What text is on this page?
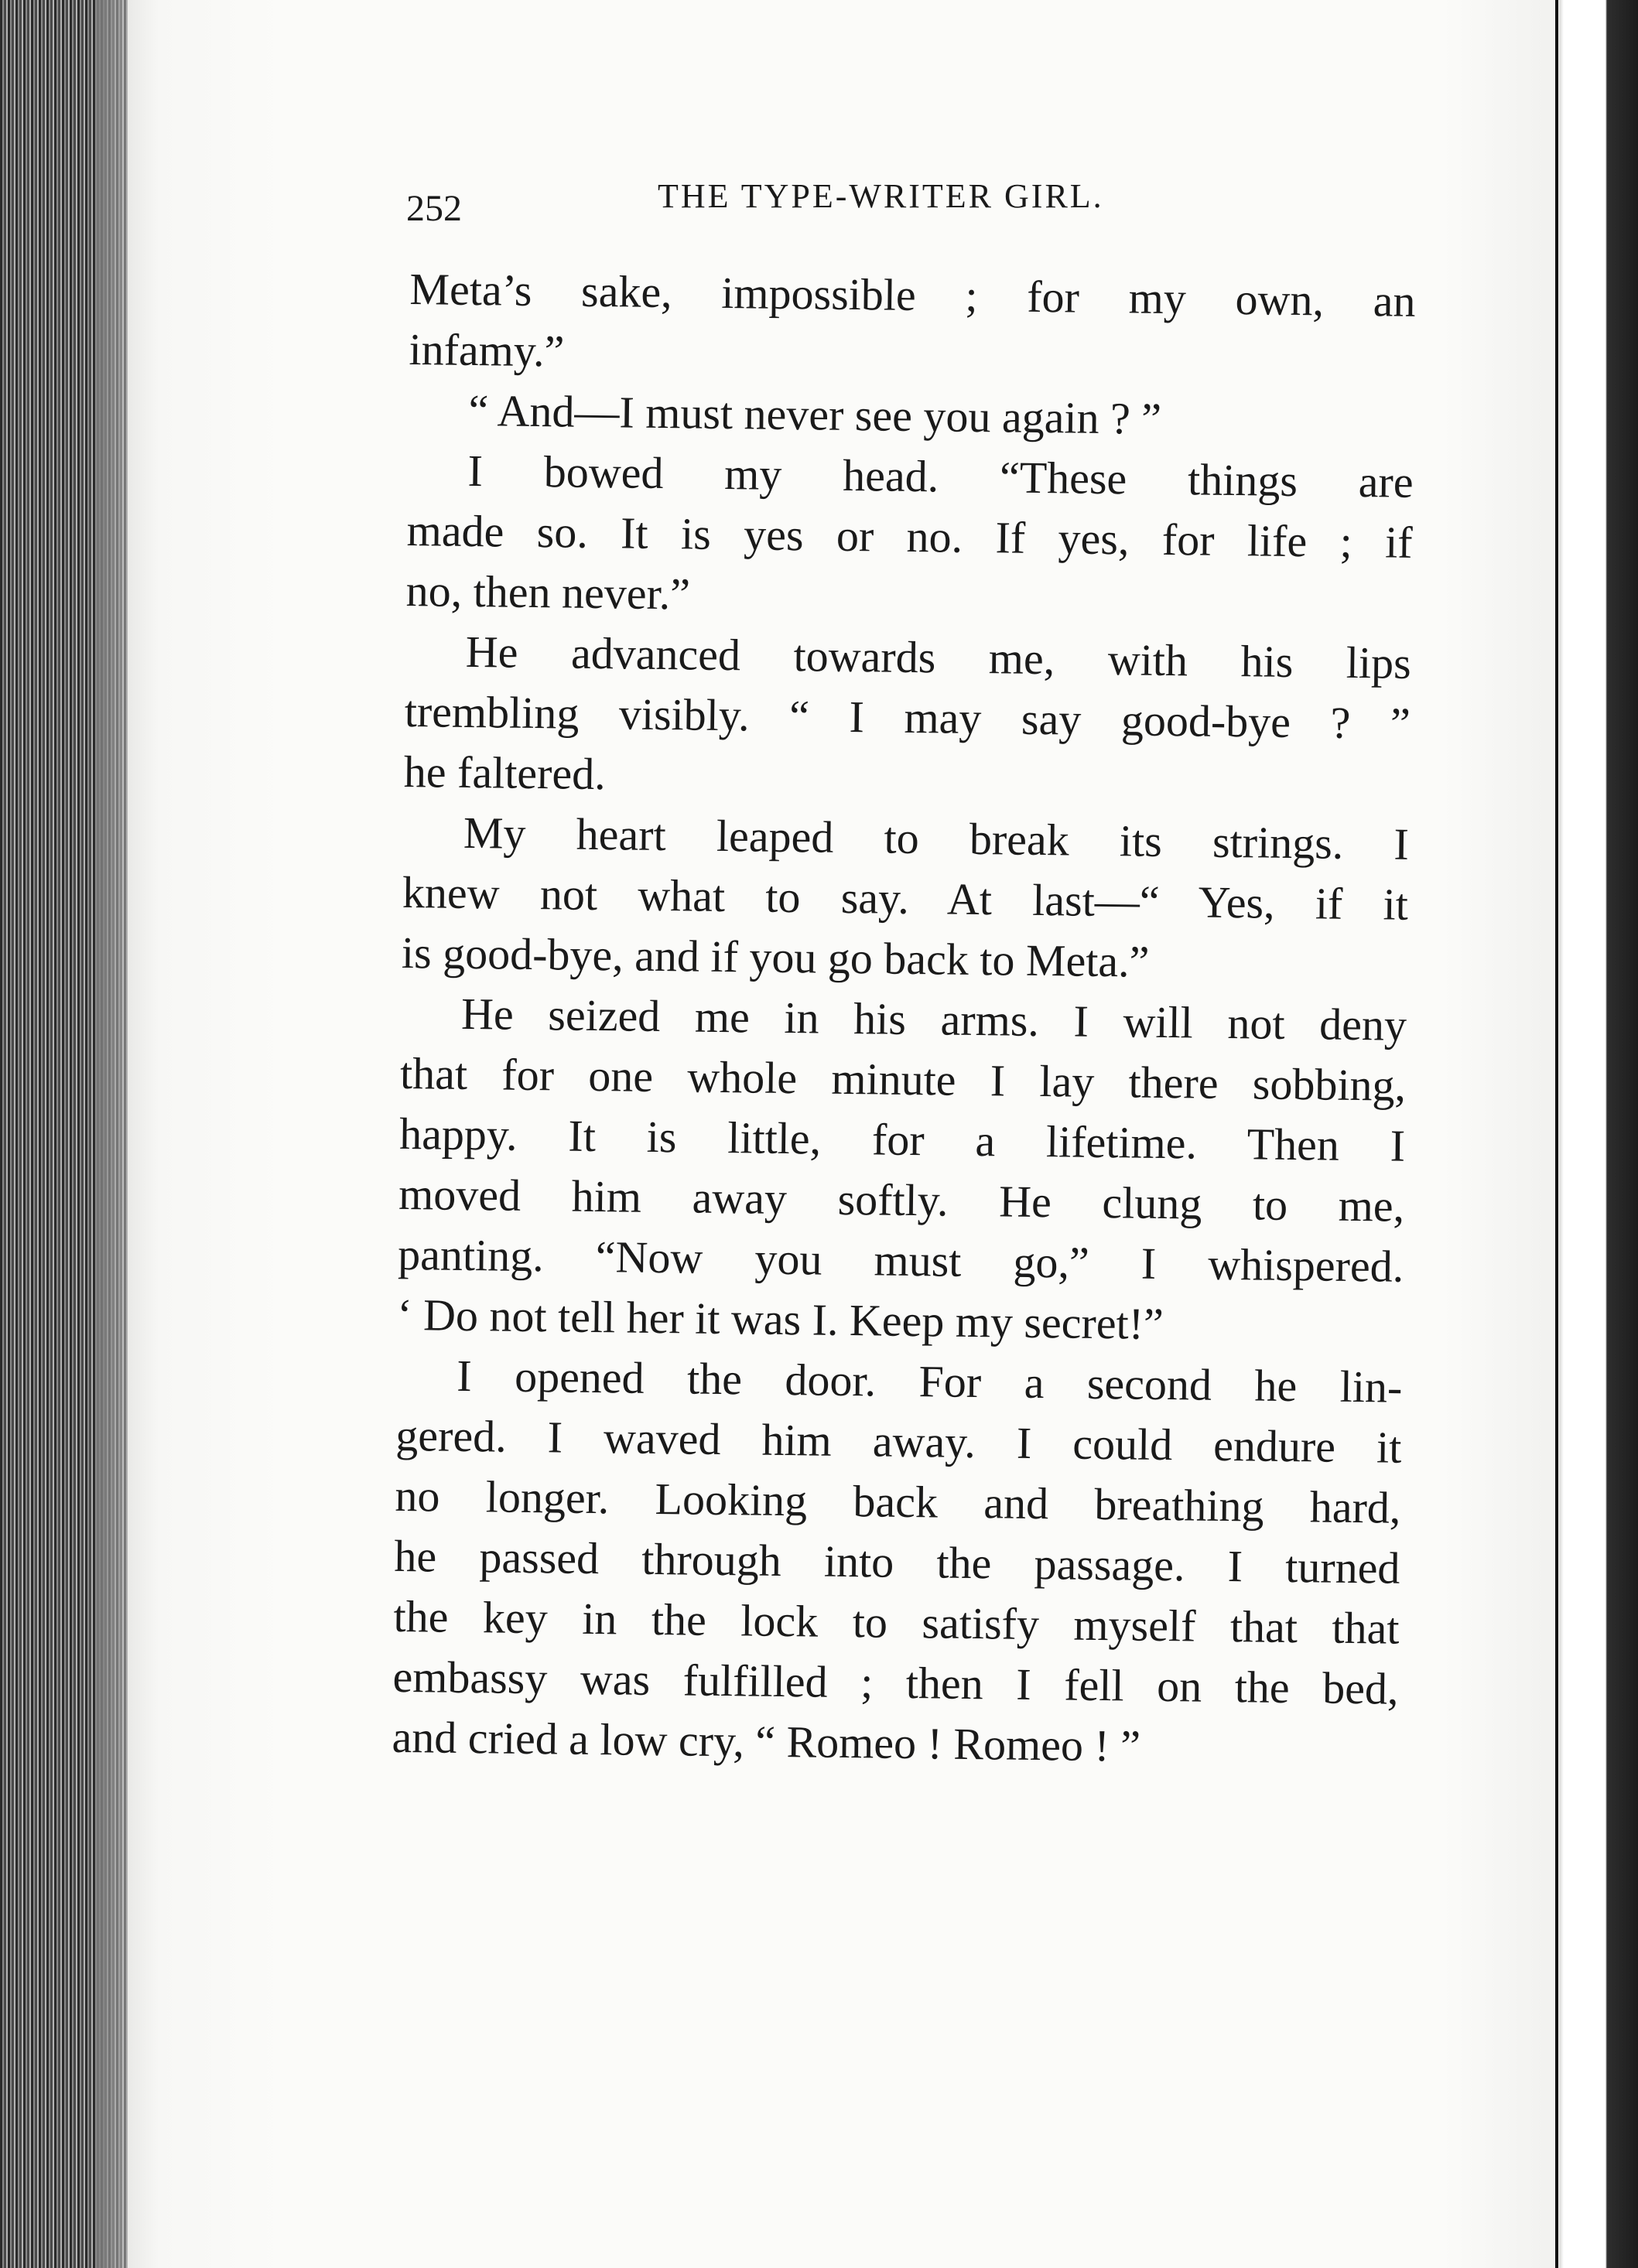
252	THE TYPE-WRITER GIRL.
Meta’s sake, impossible ; for my own, an
infamy.”
“ And—I must never see you again ? ”
I bowed my head. “These things are
made so. It is yes or no. If yes, for life ; if
no, then never.”
He advanced towards me, with his lips
trembling visibly. “ I may say good-bye ? ”
he faltered.
My heart leaped to break its strings. I
knew not what to say. At last—“ Yes, if it
is good-bye, and if you go back to Meta.”
He seized me in his arms. I will not deny
that for one whole minute I lay there sobbing,
happy. It is little, for a lifetime. Then I
moved him away softly. He clung to me,
panting. “Now you must go,” I whispered.
‘ Do not tell her it was I. Keep my secret!”
I opened the door. For a second he lin-
gered. I waved him away. I could endure it
no longer. Looking back and breathing hard,
he passed through into the passage. I turned
the key in the lock to satisfy myself that that
embassy was fulfilled ; then I fell on the bed,
and cried a low cry, “ Romeo ! Romeo ! ”
